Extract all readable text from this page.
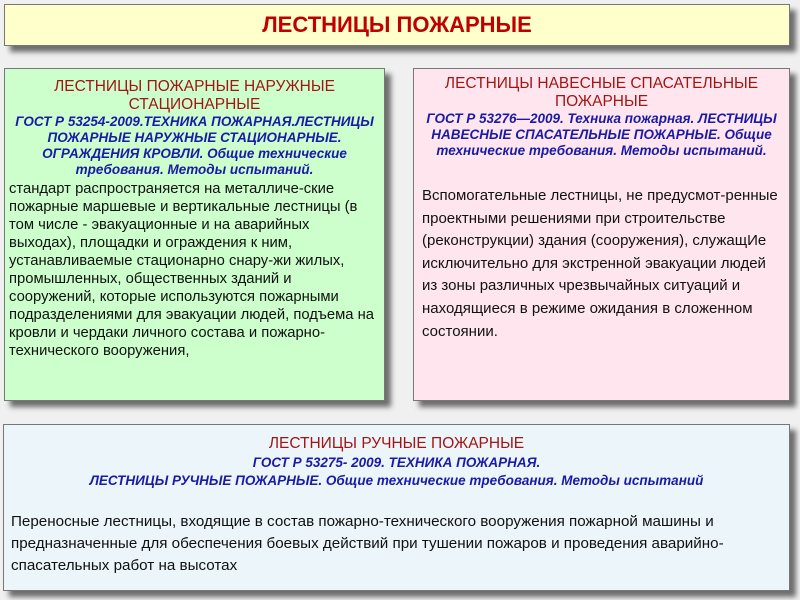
ЛЕСТНИЦЫ ПОЖАРНЫЕ

ЛЕСТНИЦЫ ПОЖАРНЫЕ НАРУЖНЫЕ СТАЦИОНАРНЫЕ

ГОСТ Р 53254-2009.ТЕХНИКА ПОЖАРНАЯ.ЛЕСТНИЦЫ ПОЖАРНЫЕ НАРУЖНЫЕ СТАЦИОНАРНЫЕ. ОГРАЖДЕНИЯ КРОВЛИ. Общие технические требования. Методы испытаний.

стандарт распространяется на металличе-ские пожарные маршевые и вертикальные лестницы (в том числе - эвакуационные и на аварийных выходах), площадки и ограждения к ним, устанавливаемые стационарно снару-жи жилых, промышленных, общественных зданий и сооружений, которые используются пожарными подразделениями для эвакуации людей, подъема на кровли и чердаки личного состава и пожарно-технического вооружения,

ЛЕСТНИЦЫ НАВЕСНЫЕ СПАСАТЕЛЬНЫЕ ПОЖАРНЫЕ

ГОСТ Р 53276—2009. Техника пожарная. ЛЕСТНИЦЫ НАВЕСНЫЕ СПАСАТЕЛЬНЫЕ ПОЖАРНЫЕ. Общие технические требования. Методы испытаний.

Вспомогательные лестницы, не предусмот-ренные проектными решениями при строительстве (реконструкции) здания (сооружения), служащИе исключительно для экстренной эвакуации людей из зоны различных чрезвычайных ситуаций и находящиеся в режиме ожидания в сложенном состоянии.

ЛЕСТНИЦЫ РУЧНЫЕ ПОЖАРНЫЕ

ГОСТ Р 53275- 2009. ТЕХНИКА ПОЖАРНАЯ.

ЛЕСТНИЦЫ РУЧНЫЕ ПОЖАРНЫЕ. Общие технические требования. Методы испытаний

Переносные лестницы, входящие в состав пожарно-технического вооружения пожарной машины и предназначенные для обеспечения боевых действий при тушении пожаров и проведения аварийно-спасательных работ на высотах
